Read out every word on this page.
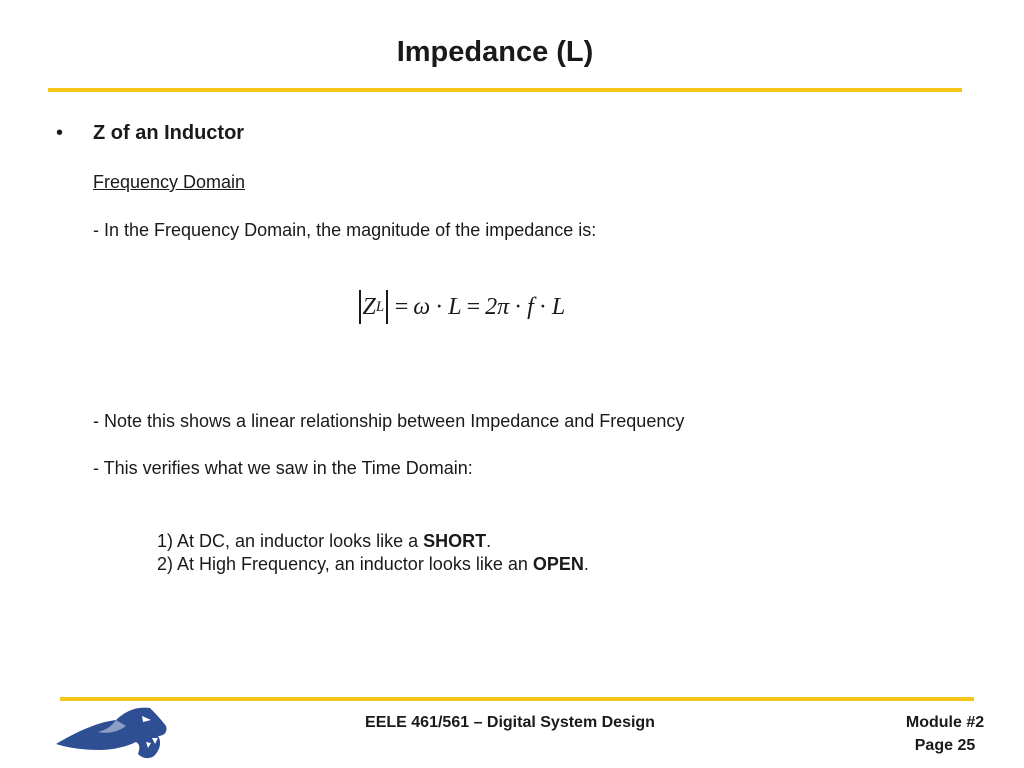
Impedance (L)
• Z of an Inductor
Frequency Domain
- In the Frequency Domain, the magnitude of the impedance is:
Z L = ω · L = 2π · f · L
- Note this shows a linear relationship between Impedance and Frequency
- This verifies what we saw in the Time Domain:
1) At DC, an inductor looks like a SHORT.
2) At High Frequency, an inductor looks like an OPEN.
EELE 461/561 – Digital System Design	Module #2
Page 25
